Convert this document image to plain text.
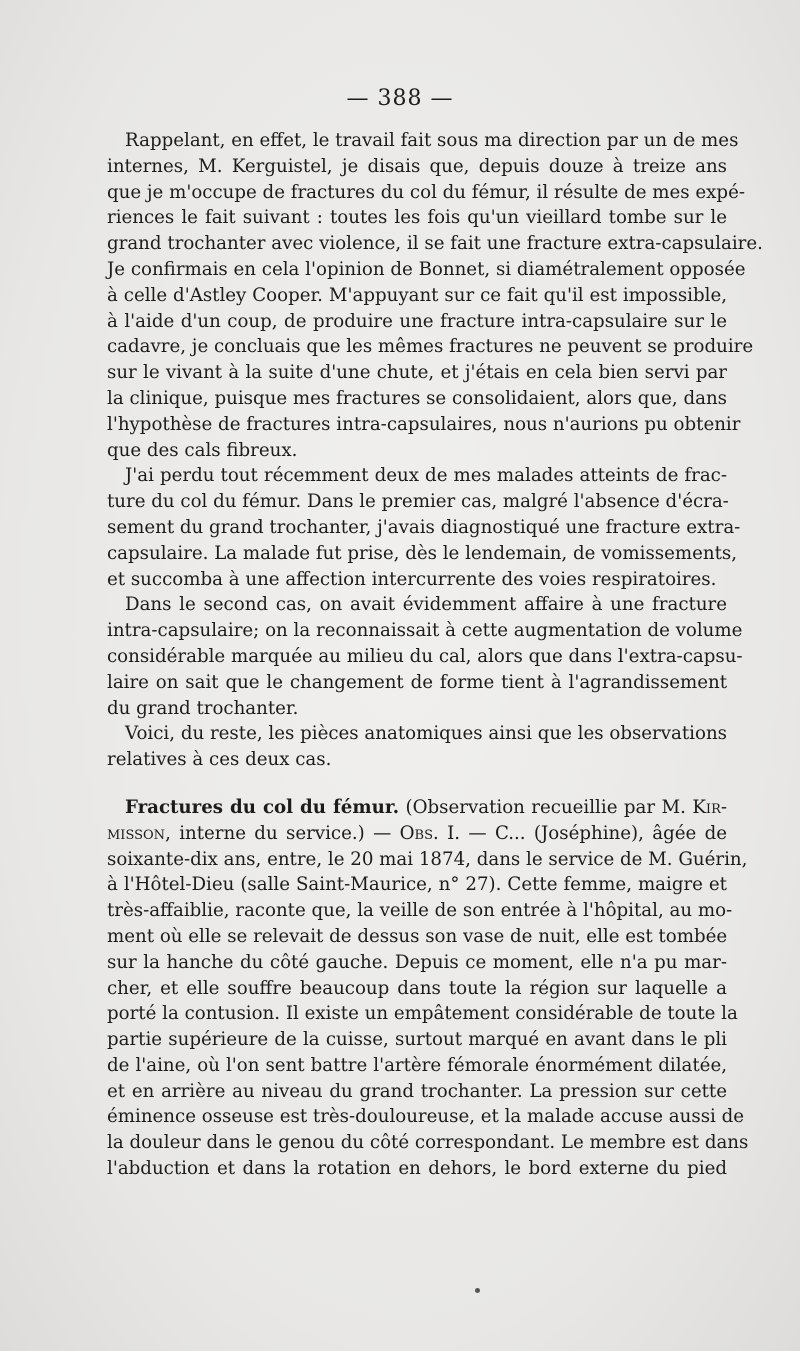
— 388 —
Rappelant, en effet, le travail fait sous ma direction par un de mes
internes, M. Kerguistel, je disais que, depuis douze à treize ans
que je m'occupe de fractures du col du fémur, il résulte de mes expé-
riences le fait suivant : toutes les fois qu'un vieillard tombe sur le
grand trochanter avec violence, il se fait une fracture extra-capsulaire.
Je confirmais en cela l'opinion de Bonnet, si diamétralement opposée
à celle d'Astley Cooper. M'appuyant sur ce fait qu'il est impossible,
à l'aide d'un coup, de produire une fracture intra-capsulaire sur le
cadavre, je concluais que les mêmes fractures ne peuvent se produire
sur le vivant à la suite d'une chute, et j'étais en cela bien servi par
la clinique, puisque mes fractures se consolidaient, alors que, dans
l'hypothèse de fractures intra-capsulaires, nous n'aurions pu obtenir
que des cals fibreux.
J'ai perdu tout récemment deux de mes malades atteints de frac-
ture du col du fémur. Dans le premier cas, malgré l'absence d'écra-
sement du grand trochanter, j'avais diagnostiqué une fracture extra-
capsulaire. La malade fut prise, dès le lendemain, de vomissements,
et succomba à une affection intercurrente des voies respiratoires.
Dans le second cas, on avait évidemment affaire à une fracture
intra-capsulaire; on la reconnaissait à cette augmentation de volume
considérable marquée au milieu du cal, alors que dans l'extra-capsu-
laire on sait que le changement de forme tient à l'agrandissement
du grand trochanter.
Voici, du reste, les pièces anatomiques ainsi que les observations
relatives à ces deux cas.
Fractures du col du fémur. (Observation recueillie par M. Kir-
misson, interne du service.) — Obs. I. — C... (Joséphine), âgée de
soixante-dix ans, entre, le 20 mai 1874, dans le service de M. Guérin,
à l'Hôtel-Dieu (salle Saint-Maurice, n° 27). Cette femme, maigre et
très-affaiblie, raconte que, la veille de son entrée à l'hôpital, au mo-
ment où elle se relevait de dessus son vase de nuit, elle est tombée
sur la hanche du côté gauche. Depuis ce moment, elle n'a pu mar-
cher, et elle souffre beaucoup dans toute la région sur laquelle a
porté la contusion. Il existe un empâtement considérable de toute la
partie supérieure de la cuisse, surtout marqué en avant dans le pli
de l'aine, où l'on sent battre l'artère fémorale énormément dilatée,
et en arrière au niveau du grand trochanter. La pression sur cette
éminence osseuse est très-douloureuse, et la malade accuse aussi de
la douleur dans le genou du côté correspondant. Le membre est dans
l'abduction et dans la rotation en dehors, le bord externe du pied
